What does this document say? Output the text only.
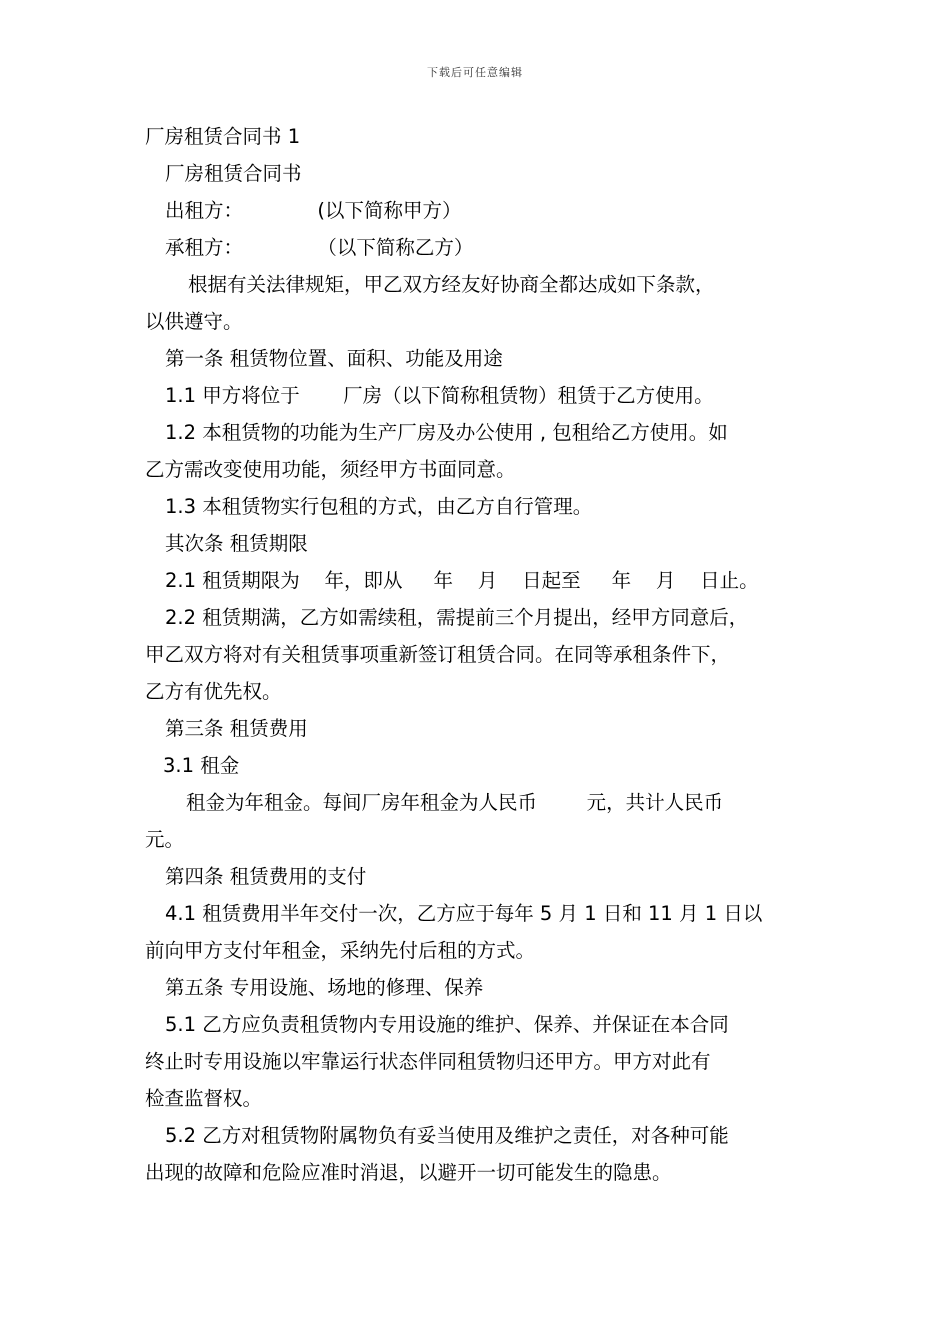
下载后可任意编辑
厂房租赁合同书 1
厂房租赁合同书
出租方：            (以下简称甲方）
承租方：            （以下简称乙方）
根据有关法律规矩，甲乙双方经友好协商全都达成如下条款，
以供遵守。
第一条 租赁物位置、面积、功能及用途
1.1 甲方将位于       厂房（以下简称租赁物）租赁于乙方使用。
1.2 本租赁物的功能为生产厂房及办公使用 , 包租给乙方使用。如
乙方需改变使用功能，须经甲方书面同意。
1.3 本租赁物实行包租的方式，由乙方自行管理。
其次条 租赁期限
2.1 租赁期限为    年，即从     年    月    日起至     年    月    日止。
2.2 租赁期满，乙方如需续租，需提前三个月提出，经甲方同意后，
甲乙双方将对有关租赁事项重新签订租赁合同。在同等承租条件下，
乙方有优先权。
第三条 租赁费用
3.1 租金
租金为年租金。每间厂房年租金为人民币        元，共计人民币
元。
第四条 租赁费用的支付
4.1 租赁费用半年交付一次，乙方应于每年 5 月 1 日和 11 月 1 日以
前向甲方支付年租金，采纳先付后租的方式。
第五条 专用设施、场地的修理、保养
5.1 乙方应负责租赁物内专用设施的维护、保养、并保证在本合同
终止时专用设施以牢靠运行状态伴同租赁物归还甲方。甲方对此有
检查监督权。
5.2 乙方对租赁物附属物负有妥当使用及维护之责任，对各种可能
出现的故障和危险应准时消退，以避开一切可能发生的隐患。
